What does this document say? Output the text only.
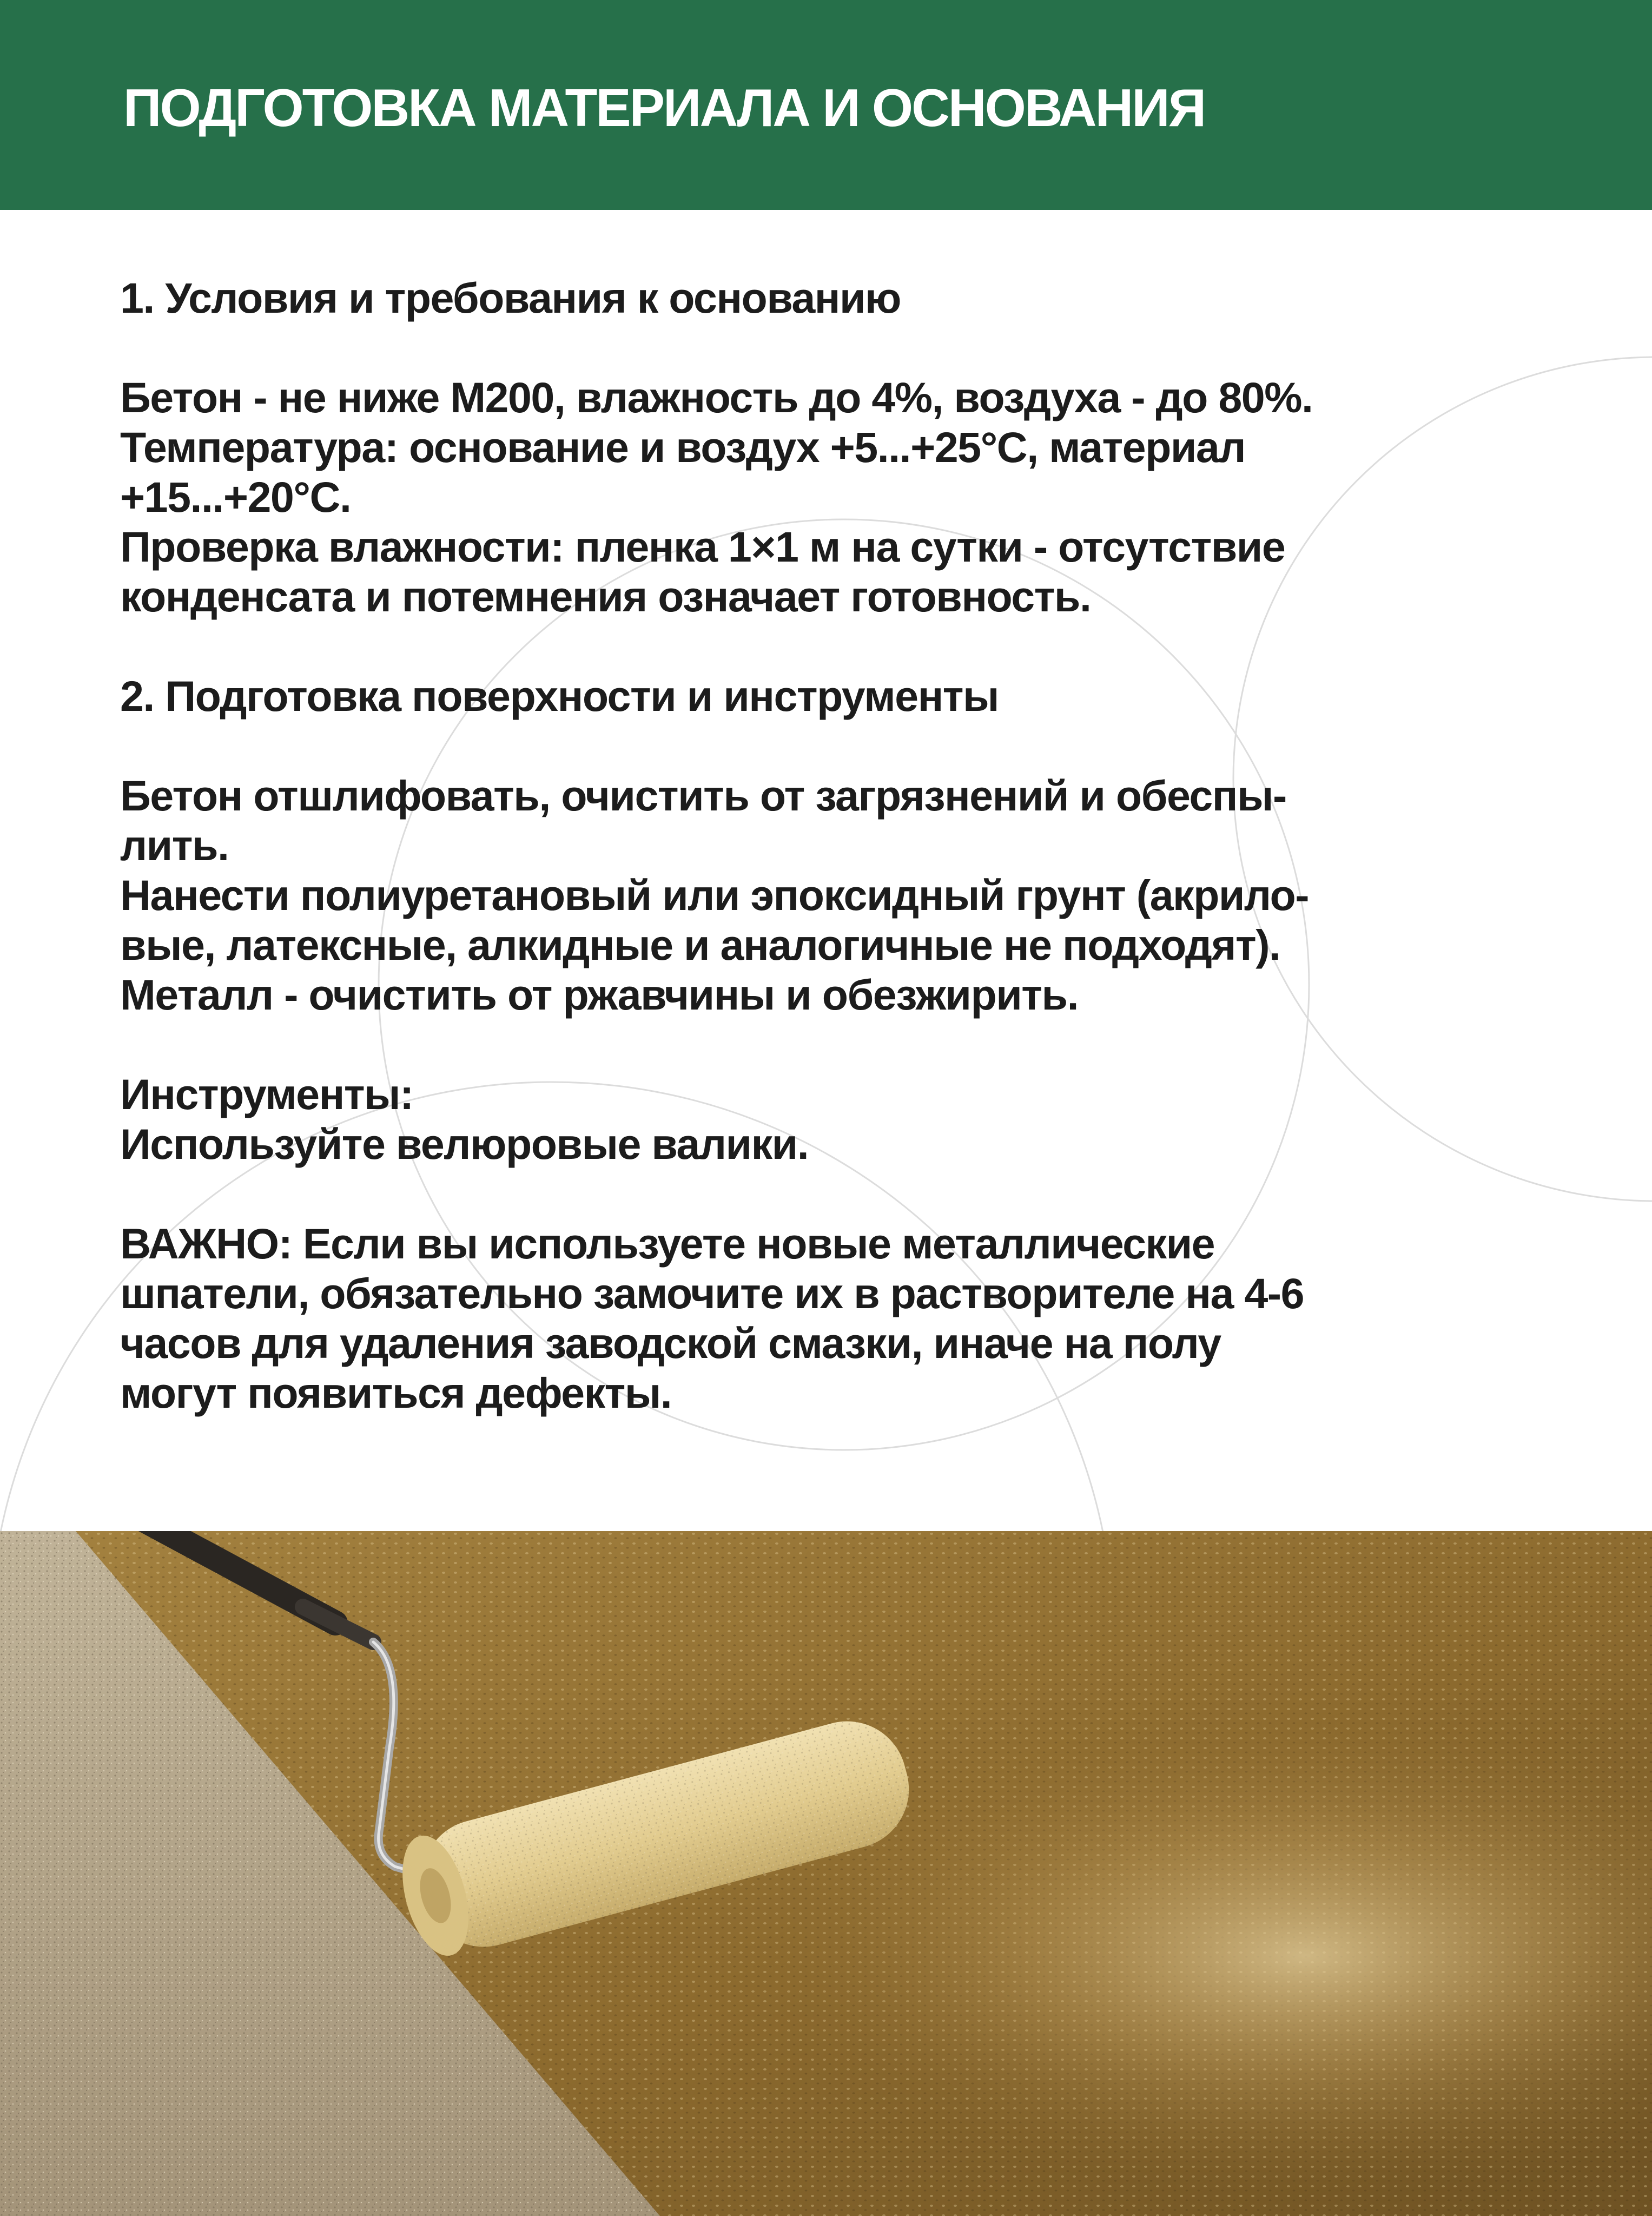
ПОДГОТОВКА МАТЕРИАЛА И ОСНОВАНИЯ
1. Условия и требования к основанию
Бетон - не ниже М200, влажность до 4%, воздуха - до 80%.
Температура: основание и воздух +5...+25°C, материал
+15...+20°C.
Проверка влажности: пленка 1×1 м на сутки - отсутствие
конденсата и потемнения означает готовность.
2. Подготовка поверхности и инструменты
Бетон отшлифовать, очистить от загрязнений и обеспы-
лить.
Нанести полиуретановый или эпоксидный грунт (акрило-
вые, латексные, алкидные и аналогичные не подходят).
Металл - очистить от ржавчины и обезжирить.
Инструменты:
Используйте велюровые валики.
ВАЖНО: Если вы используете новые металлические
шпатели, обязательно замочите их в растворителе на 4-6
часов для удаления заводской смазки, иначе на полу
могут появиться дефекты.
